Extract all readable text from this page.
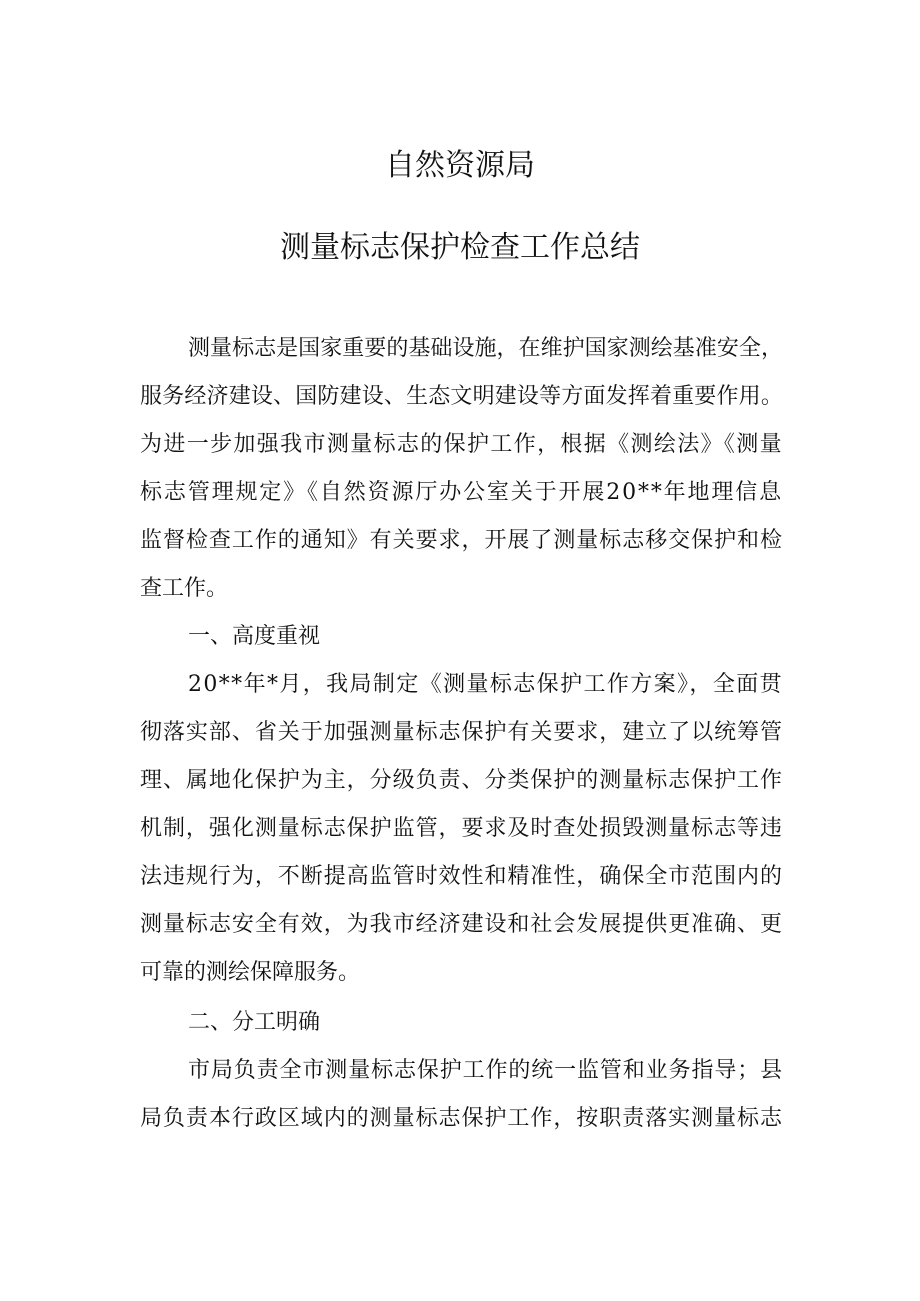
自然资源局
测量标志保护检查工作总结
测量标志是国家重要的基础设施，在维护国家测绘基准安全，
服务经济建设、国防建设、生态文明建设等方面发挥着重要作用。
为进一步加强我市测量标志的保护工作，根据《测绘法》《测量
标志管理规定》《自然资源厅办公室关于开展20**年地理信息
监督检查工作的通知》有关要求，开展了测量标志移交保护和检
查工作。
一、高度重视
20**年*月，我局制定《测量标志保护工作方案》，全面贯
彻落实部、省关于加强测量标志保护有关要求，建立了以统筹管
理、属地化保护为主，分级负责、分类保护的测量标志保护工作
机制，强化测量标志保护监管，要求及时查处损毁测量标志等违
法违规行为，不断提高监管时效性和精准性，确保全市范围内的
测量标志安全有效，为我市经济建设和社会发展提供更准确、更
可靠的测绘保障服务。
二、分工明确
市局负责全市测量标志保护工作的统一监管和业务指导；县
局负责本行政区域内的测量标志保护工作，按职责落实测量标志
